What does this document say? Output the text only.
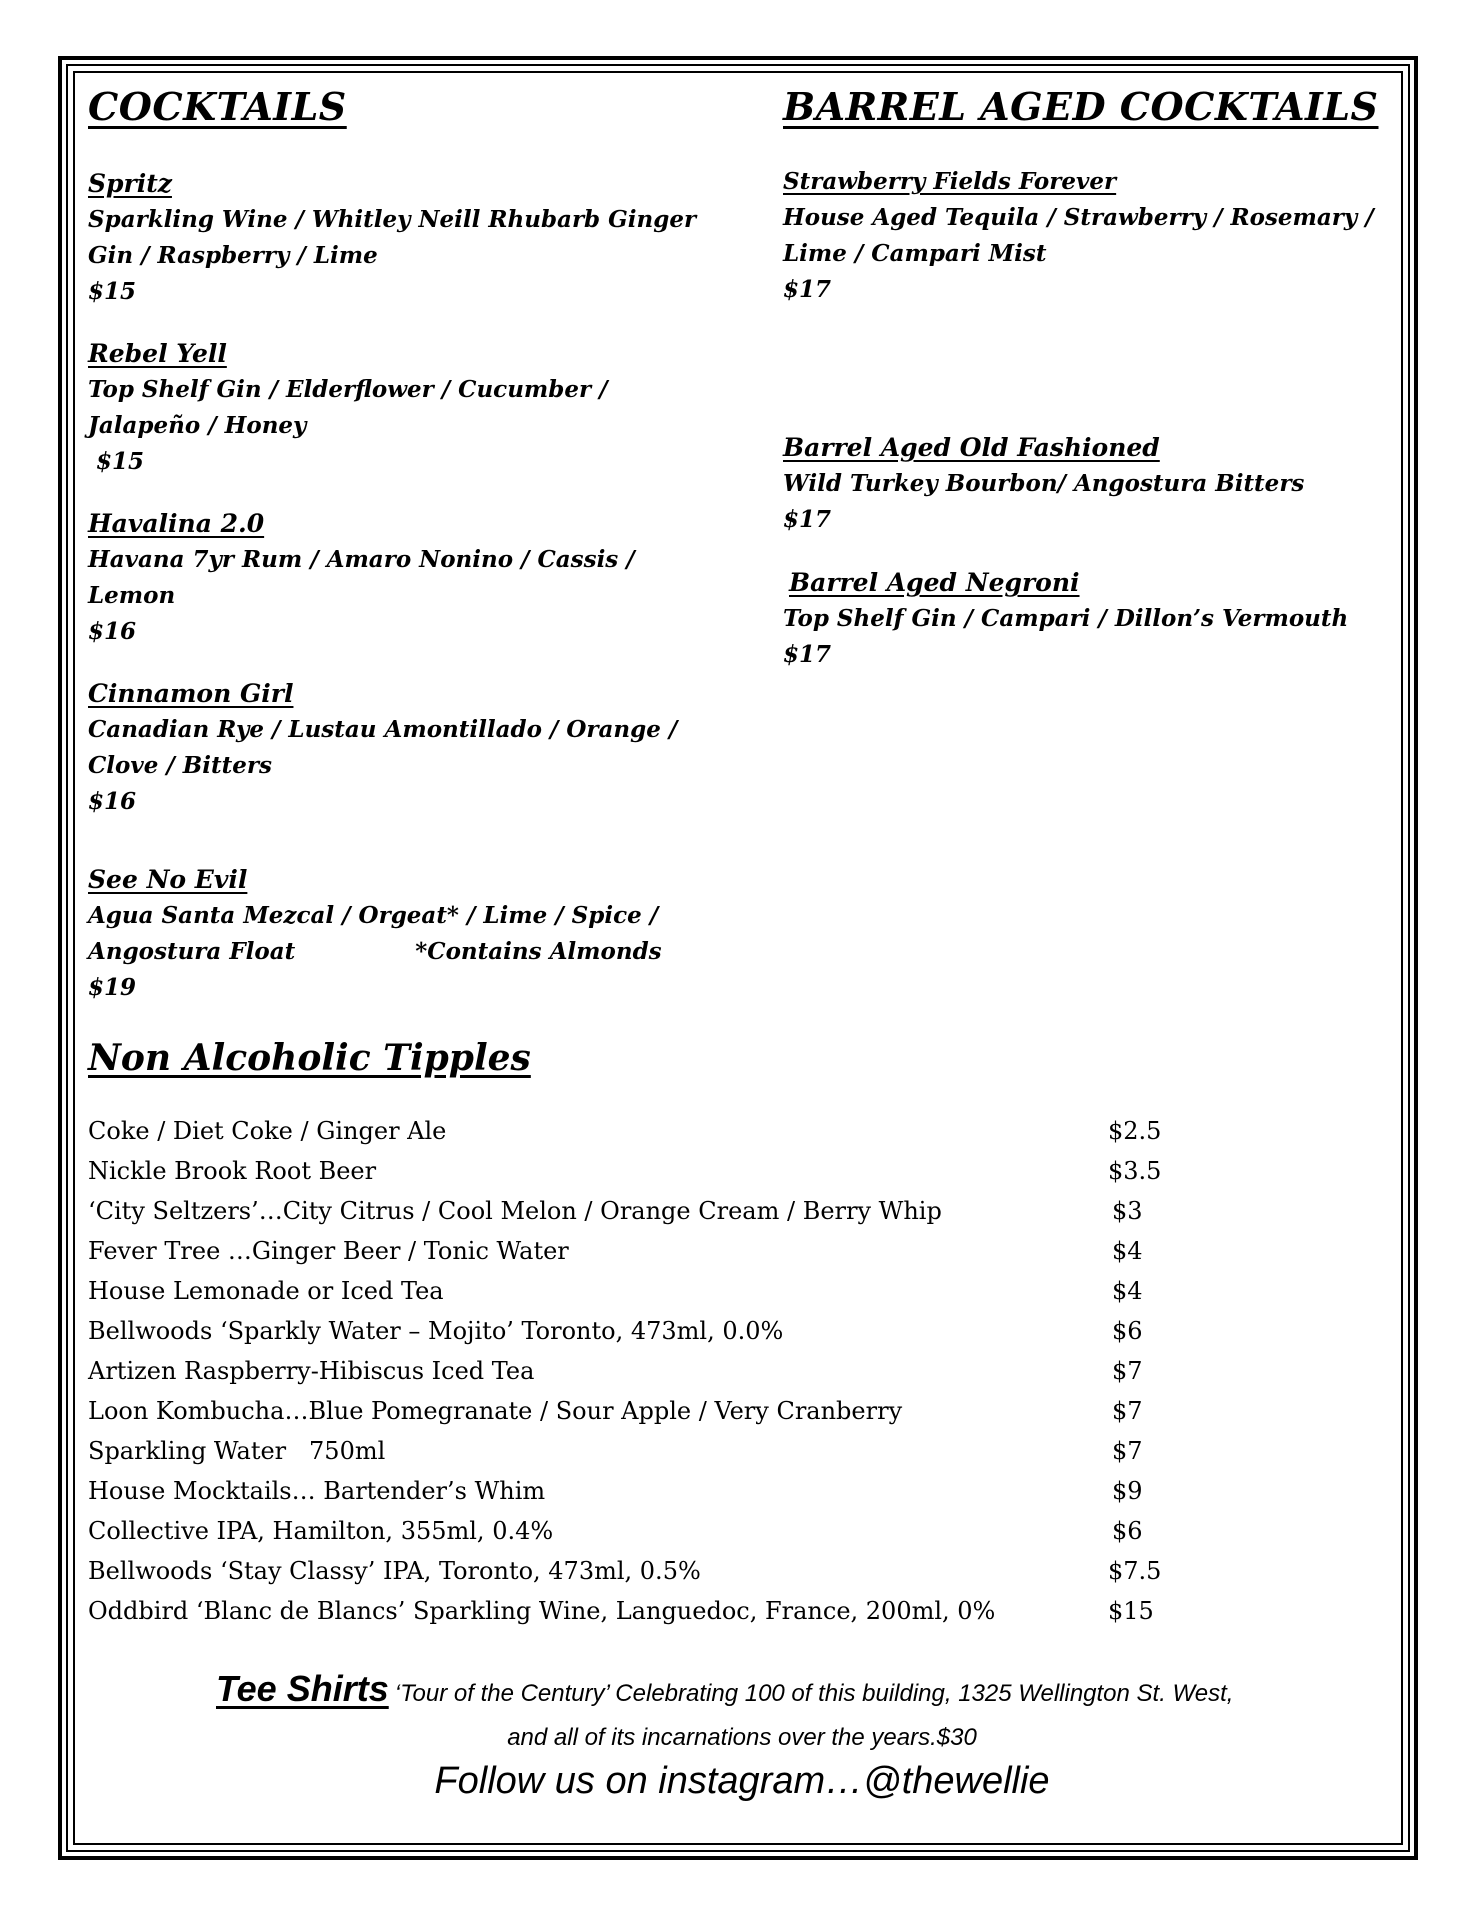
COCKTAILS
Spritz
Sparkling Wine / Whitley Neill Rhubarb Ginger Gin / Raspberry / Lime
$15
Rebel Yell
Top Shelf Gin / Elderflower / Cucumber / Jalapeño / Honey
$15
Havalina 2.0
Havana 7yr Rum / Amaro Nonino / Cassis / Lemon
$16
Cinnamon Girl
Canadian Rye / Lustau Amontillado / Orange / Clove / Bitters
$16
See No Evil
Agua Santa Mezcal / Orgeat* / Lime / Spice /
Angostura Float	*Contains Almonds
$19
BARREL AGED COCKTAILS
Strawberry Fields Forever
House Aged Tequila / Strawberry / Rosemary / Lime / Campari Mist
$17
Barrel Aged Old Fashioned
Wild Turkey Bourbon/ Angostura Bitters
$17
Barrel Aged Negroni
Top Shelf Gin / Campari / Dillon’s Vermouth
$17
Non Alcoholic Tipples
Coke / Diet Coke / Ginger Ale	$2.5
Nickle Brook Root Beer	$3.5
‘City Seltzers’…City Citrus / Cool Melon / Orange Cream / Berry Whip	$3
Fever Tree …Ginger Beer / Tonic Water	$4
House Lemonade or Iced Tea	$4
Bellwoods ‘Sparkly Water – Mojito’ Toronto, 473ml, 0.0%	$6
Artizen Raspberry-Hibiscus Iced Tea	$7
Loon Kombucha…Blue Pomegranate / Sour Apple / Very Cranberry	$7
Sparkling Water   750ml	$7
House Mocktails… Bartender’s Whim	$9
Collective IPA, Hamilton, 355ml, 0.4%	$6
Bellwoods ‘Stay Classy’ IPA, Toronto, 473ml, 0.5%	$7.5
Oddbird ‘Blanc de Blancs’ Sparkling Wine, Languedoc, France, 200ml, 0%	$15
Tee Shirts ‘Tour of the Century’ Celebrating 100 of this building, 1325 Wellington St. West,
and all of its incarnations over the years.$30
Follow us on instagram…@thewellie
